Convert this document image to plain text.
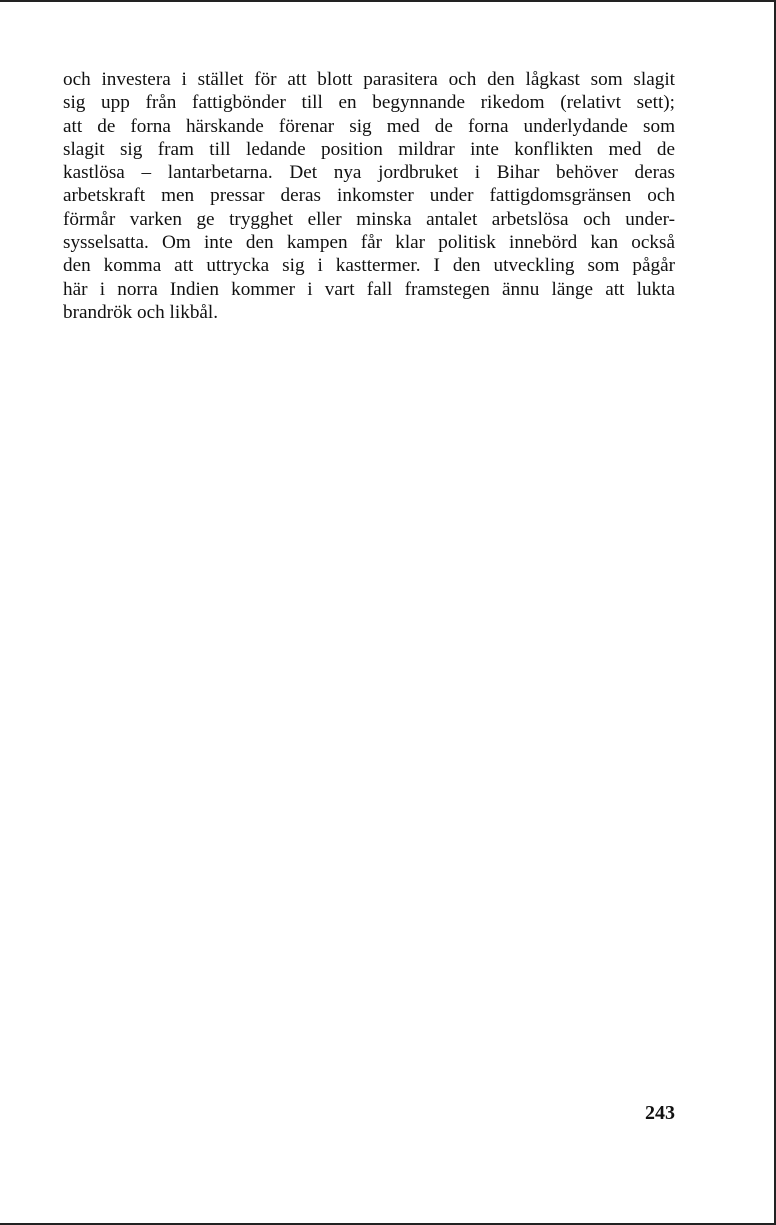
och investera i stället för att blott parasitera och den lågkast som slagit
sig upp från fattigbönder till en begynnande rikedom (relativt sett);
att de forna härskande förenar sig med de forna underlydande som
slagit sig fram till ledande position mildrar inte konflikten med de
kastlösa – lantarbetarna. Det nya jordbruket i Bihar behöver deras
arbetskraft men pressar deras inkomster under fattigdomsgränsen och
förmår varken ge trygghet eller minska antalet arbetslösa och under-
sysselsatta. Om inte den kampen får klar politisk innebörd kan också
den komma att uttrycka sig i kasttermer. I den utveckling som pågår
här i norra Indien kommer i vart fall framstegen ännu länge att lukta
brandrök och likbål.

243
